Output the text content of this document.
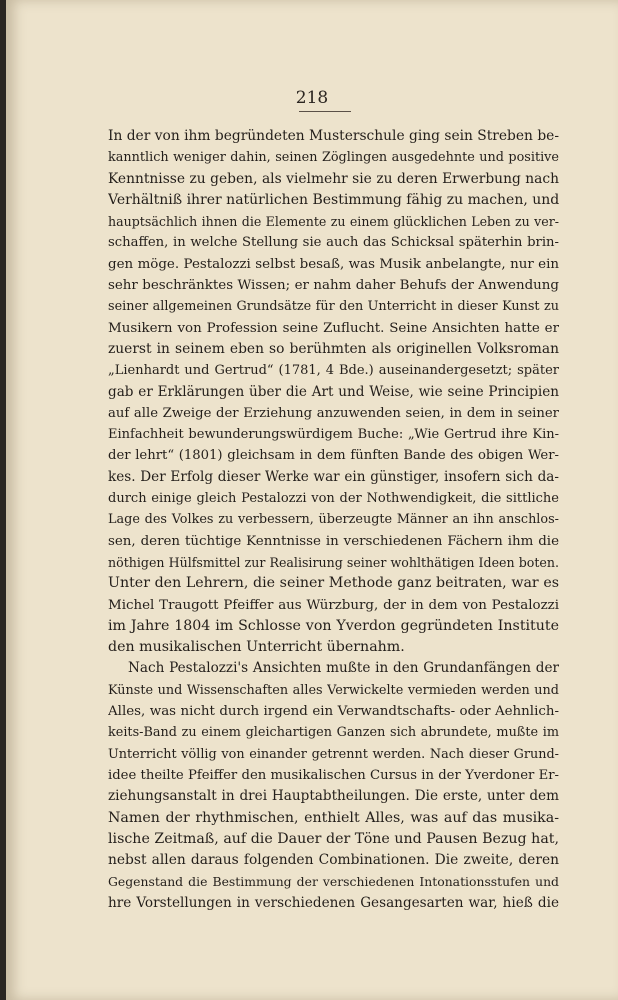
218
In der von ihm begründeten Musterschule ging sein Streben be-
kanntlich weniger dahin, seinen Zöglingen ausgedehnte und positive
Kenntnisse zu geben, als vielmehr sie zu deren Erwerbung nach
Verhältniß ihrer natürlichen Bestimmung fähig zu machen, und
hauptsächlich ihnen die Elemente zu einem glücklichen Leben zu ver-
schaffen, in welche Stellung sie auch das Schicksal späterhin brin-
gen möge. Pestalozzi selbst besaß, was Musik anbelangte, nur ein
sehr beschränktes Wissen; er nahm daher Behufs der Anwendung
seiner allgemeinen Grundsätze für den Unterricht in dieser Kunst zu
Musikern von Profession seine Zuflucht. Seine Ansichten hatte er
zuerst in seinem eben so berühmten als originellen Volksroman
„Lienhardt und Gertrud“ (1781, 4 Bde.) auseinandergesetzt; später
gab er Erklärungen über die Art und Weise, wie seine Principien
auf alle Zweige der Erziehung anzuwenden seien, in dem in seiner
Einfachheit bewunderungswürdigem Buche: „Wie Gertrud ihre Kin-
der lehrt“ (1801) gleichsam in dem fünften Bande des obigen Wer-
kes. Der Erfolg dieser Werke war ein günstiger, insofern sich da-
durch einige gleich Pestalozzi von der Nothwendigkeit, die sittliche
Lage des Volkes zu verbessern, überzeugte Männer an ihn anschlos-
sen, deren tüchtige Kenntnisse in verschiedenen Fächern ihm die
nöthigen Hülfsmittel zur Realisirung seiner wohlthätigen Ideen boten.
Unter den Lehrern, die seiner Methode ganz beitraten, war es
Michel Traugott Pfeiffer aus Würzburg, der in dem von Pestalozzi
im Jahre 1804 im Schlosse von Yverdon gegründeten Institute
den musikalischen Unterricht übernahm.
Nach Pestalozzi's Ansichten mußte in den Grundanfängen der
Künste und Wissenschaften alles Verwickelte vermieden werden und
Alles, was nicht durch irgend ein Verwandtschafts- oder Aehnlich-
keits-Band zu einem gleichartigen Ganzen sich abrundete, mußte im
Unterricht völlig von einander getrennt werden. Nach dieser Grund-
idee theilte Pfeiffer den musikalischen Cursus in der Yverdoner Er-
ziehungsanstalt in drei Hauptabtheilungen. Die erste, unter dem
Namen der rhythmischen, enthielt Alles, was auf das musika-
lische Zeitmaß, auf die Dauer der Töne und Pausen Bezug hat,
nebst allen daraus folgenden Combinationen. Die zweite, deren
Gegenstand die Bestimmung der verschiedenen Intonationsstufen und
hre Vorstellungen in verschiedenen Gesangesarten war, hieß die
